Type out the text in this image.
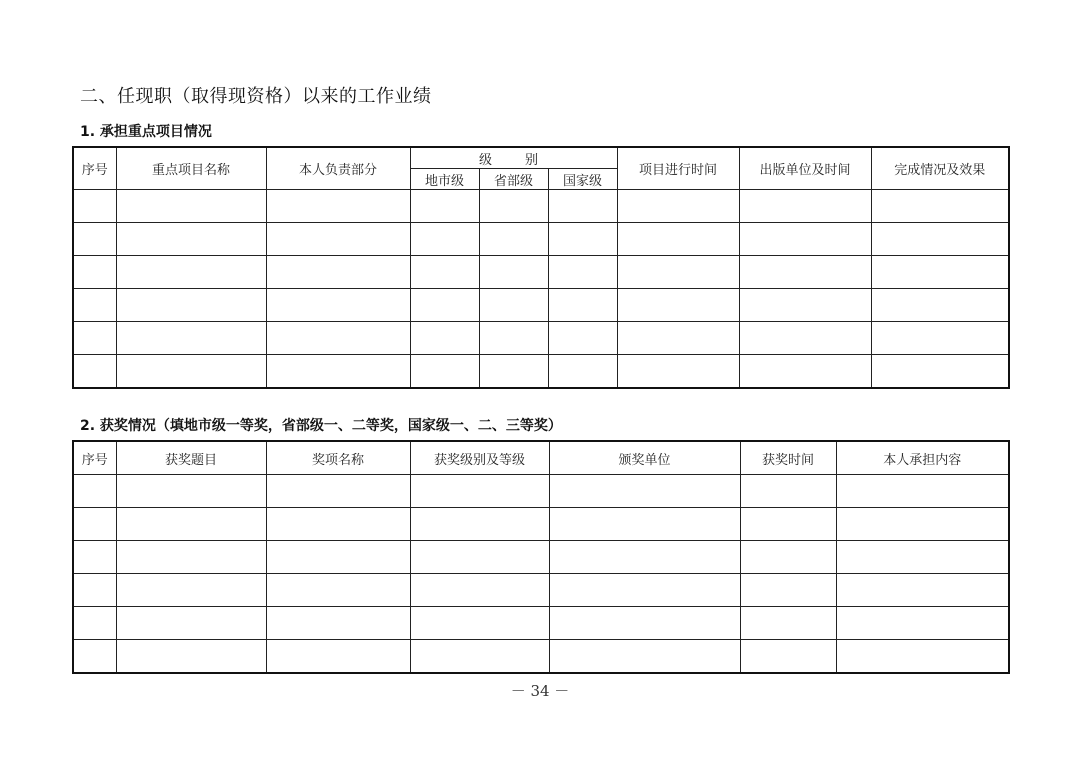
二、任现职（取得现资格）以来的工作业绩
1. 承担重点项目情况
序号	重点项目名称	本人负责部分	级　别			项目进行时间	出版单位及时间	完成情况及效果
			地市级	省部级	国家级			

2. 获奖情况（填地市级一等奖，省部级一、二等奖，国家级一、二、三等奖）
序号	获奖题目	奖项名称	获奖级别及等级	颁奖单位	获奖时间	本人承担内容

－ 34 －
